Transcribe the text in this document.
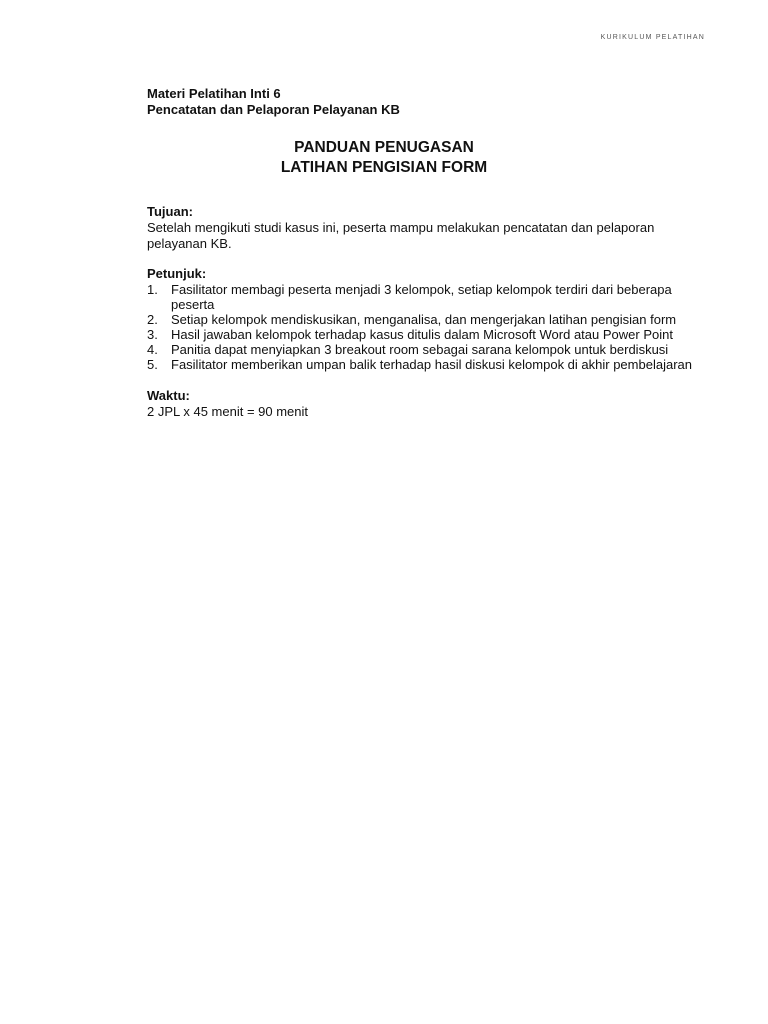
KURIKULUM PELATIHAN
Materi Pelatihan Inti 6
Pencatatan dan Pelaporan Pelayanan KB
PANDUAN PENUGASAN
LATIHAN PENGISIAN FORM
Tujuan:
Setelah mengikuti studi kasus ini, peserta mampu melakukan pencatatan dan pelaporan pelayanan KB.
Petunjuk:
1.	Fasilitator membagi peserta menjadi 3 kelompok, setiap kelompok terdiri dari beberapa peserta
2.	Setiap kelompok mendiskusikan, menganalisa, dan mengerjakan latihan pengisian form
3.	Hasil jawaban kelompok terhadap kasus ditulis dalam Microsoft Word atau Power Point
4.	Panitia dapat menyiapkan 3 breakout room sebagai sarana kelompok untuk berdiskusi
5.	Fasilitator memberikan umpan balik terhadap hasil diskusi kelompok di akhir pembelajaran
Waktu:
2 JPL x 45 menit = 90 menit
